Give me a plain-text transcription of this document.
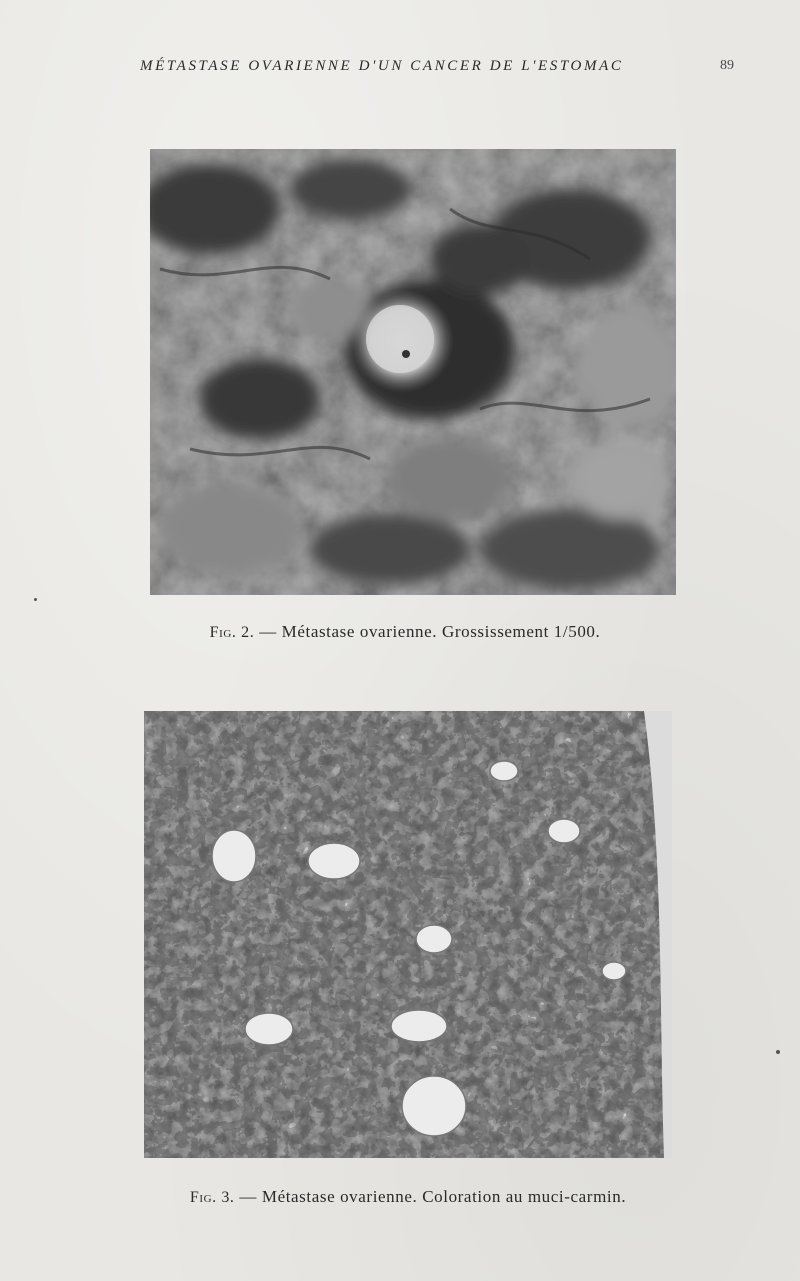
MÉTASTASE OVARIENNE D'UN CANCER DE L'ESTOMAC	89
Fig. 2. — Métastase ovarienne. Grossissement 1/500.
Fig. 3. — Métastase ovarienne. Coloration au muci-carmin.
